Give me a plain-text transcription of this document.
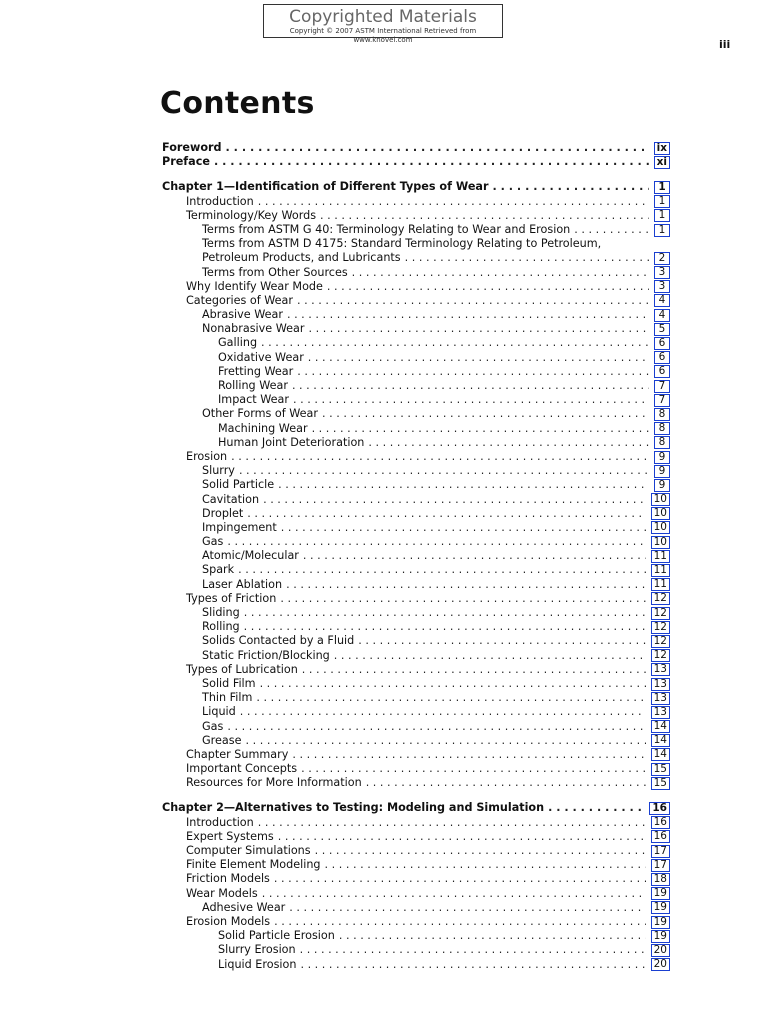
Copyrighted Materials
Copyright © 2007 ASTM International Retrieved from www.knovel.com	iii
Contents
Foreword . . .	ix
Preface . . .	xi
Chapter 1—Identification of Different Types of Wear . . .	1
Introduction . . .	1
Terminology/Key Words . . .	1
Terms from ASTM G 40: Terminology Relating to Wear and Erosion . . .	1
Terms from ASTM D 4175: Standard Terminology Relating to Petroleum,
Petroleum Products, and Lubricants . . .	2
Terms from Other Sources . . .	3
Why Identify Wear Mode . . .	3
Categories of Wear . . .	4
Abrasive Wear . . .	4
Nonabrasive Wear . . .	5
Galling . . .	6
Oxidative Wear . . .	6
Fretting Wear . . .	6
Rolling Wear . . .	7
Impact Wear . . .	7
Other Forms of Wear . . .	8
Machining Wear . . .	8
Human Joint Deterioration . . .	8
Erosion . . .	9
Slurry . . .	9
Solid Particle . . .	9
Cavitation . . .	10
Droplet . . .	10
Impingement . . .	10
Gas . . .	10
Atomic/Molecular . . .	11
Spark . . .	11
Laser Ablation . . .	11
Types of Friction . . .	12
Sliding . . .	12
Rolling . . .	12
Solids Contacted by a Fluid . . .	12
Static Friction/Blocking . . .	12
Types of Lubrication . . .	13
Solid Film . . .	13
Thin Film . . .	13
Liquid . . .	13
Gas . . .	14
Grease . . .	14
Chapter Summary . . .	14
Important Concepts . . .	15
Resources for More Information . . .	15
Chapter 2—Alternatives to Testing: Modeling and Simulation . . .	16
Introduction . . .	16
Expert Systems . . .	16
Computer Simulations . . .	17
Finite Element Modeling . . .	17
Friction Models . . .	18
Wear Models . . .	19
Adhesive Wear . . .	19
Erosion Models . . .	19
Solid Particle Erosion . . .	19
Slurry Erosion . . .	20
Liquid Erosion . . .	20
